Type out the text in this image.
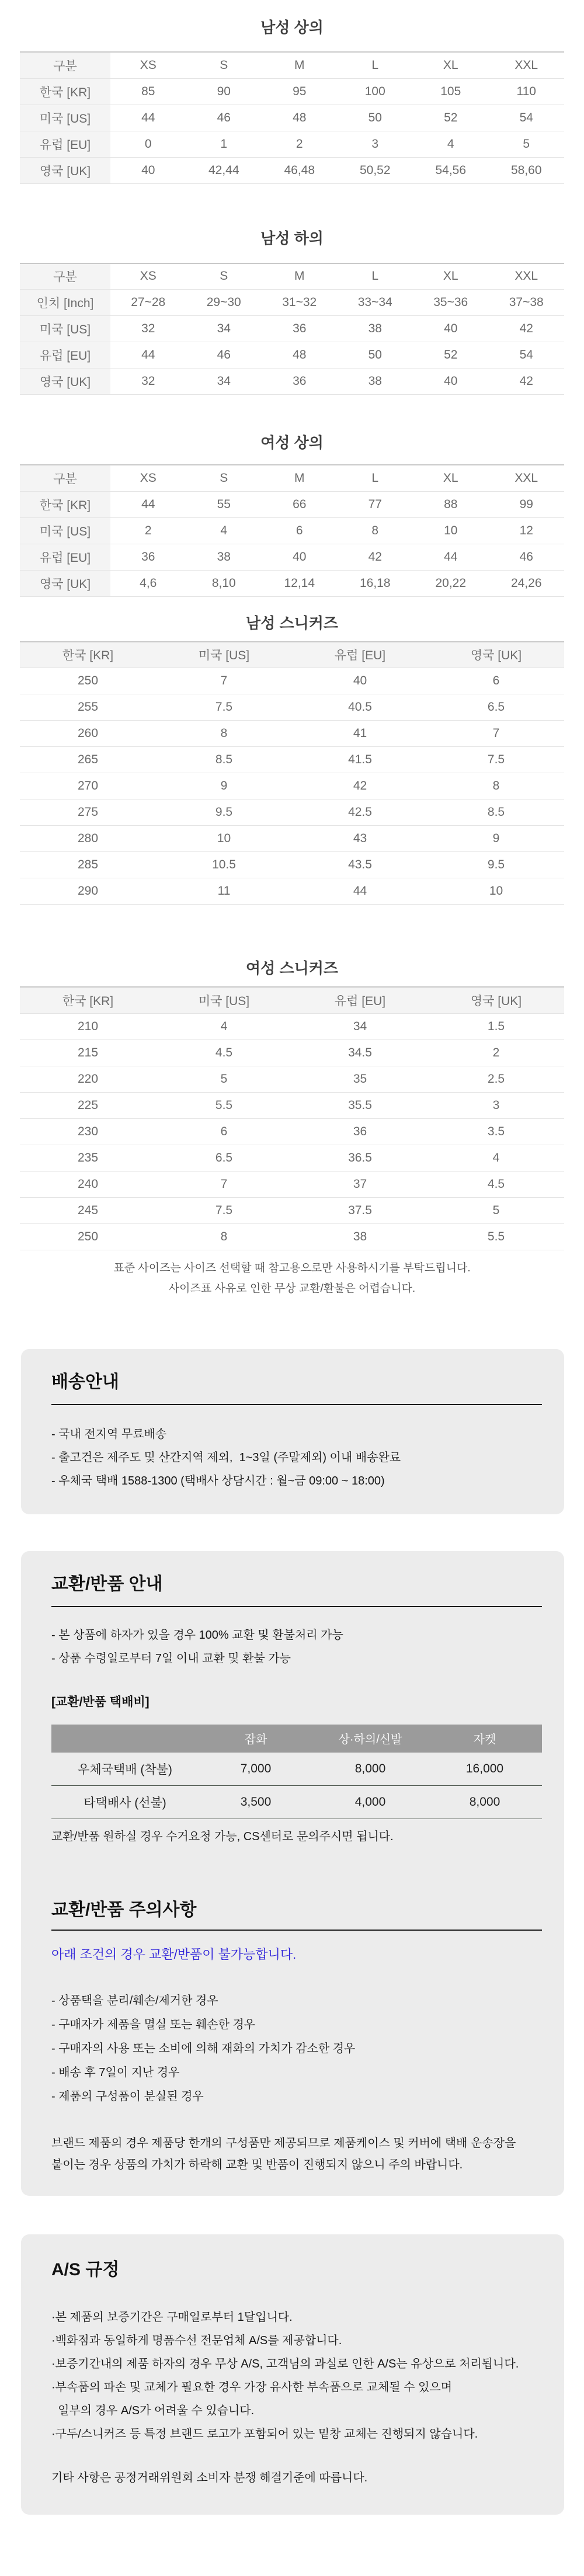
남성 상의
구분	XS	S	M	L	XL	XXL
한국 [KR]	85	90	95	100	105	110
미국 [US]	44	46	48	50	52	54
유럽 [EU]	0	1	2	3	4	5
영국 [UK]	40	42,44	46,48	50,52	54,56	58,60
남성 하의
구분	XS	S	M	L	XL	XXL
인치 [Inch]	27~28	29~30	31~32	33~34	35~36	37~38
미국 [US]	32	34	36	38	40	42
유럽 [EU]	44	46	48	50	52	54
영국 [UK]	32	34	36	38	40	42
여성 상의
구분	XS	S	M	L	XL	XXL
한국 [KR]	44	55	66	77	88	99
미국 [US]	2	4	6	8	10	12
유럽 [EU]	36	38	40	42	44	46
영국 [UK]	4,6	8,10	12,14	16,18	20,22	24,26
남성 스니커즈
한국 [KR]	미국 [US]	유럽 [EU]	영국 [UK]
250	7	40	6
255	7.5	40.5	6.5
260	8	41	7
265	8.5	41.5	7.5
270	9	42	8
275	9.5	42.5	8.5
280	10	43	9
285	10.5	43.5	9.5
290	11	44	10
여성 스니커즈
한국 [KR]	미국 [US]	유럽 [EU]	영국 [UK]
210	4	34	1.5
215	4.5	34.5	2
220	5	35	2.5
225	5.5	35.5	3
230	6	36	3.5
235	6.5	36.5	4
240	7	37	4.5
245	7.5	37.5	5
250	8	38	5.5

표준 사이즈는 사이즈 선택할 때 참고용으로만 사용하시기를 부탁드립니다.

사이즈표 사유로 인한 무상 교환/환불은 어렵습니다.

배송안내

- 국내 전지역 무료배송

- 출고건은 제주도 및 산간지역 제외,  1~3일 (주말제외) 이내 배송완료

- 우체국 택배 1588-1300 (택배사 상담시간 : 월~금 09:00 ~ 18:00)

교환/반품 안내

- 본 상품에 하자가 있을 경우 100% 교환 및 환불처리 가능

- 상품 수령일로부터 7일 이내 교환 및 환불 가능

[교환/반품 택배비]

	잡화	상·하의/신발	자켓
우체국택배 (착불)	7,000	8,000	16,000
타택배사 (선불)	3,500	4,000	8,000

교환/반품 원하실 경우 수거요청 가능, CS센터로 문의주시면 됩니다.

교환/반품 주의사항

아래 조건의 경우 교환/반품이 불가능합니다.

- 상품택을 분리/훼손/제거한 경우

- 구매자가 제품을 멸실 또는 훼손한 경우

- 구매자의 사용 또는 소비에 의해 재화의 가치가 감소한 경우

- 배송 후 7일이 지난 경우

- 제품의 구성품이 분실된 경우

브랜드 제품의 경우 제품당 한개의 구성품만 제공되므로 제품케이스 및 커버에 택배 운송장을

붙이는 경우 상품의 가치가 하락해 교환 및 반품이 진행되지 않으니 주의 바랍니다.

A/S 규정

·본 제품의 보증기간은 구매일로부터 1달입니다.

·백화점과 동일하게 명품수선 전문업체 A/S를 제공합니다.

·보증기간내의 제품 하자의 경우 무상 A/S, 고객님의 과실로 인한 A/S는 유상으로 처리됩니다.

·부속품의 파손 및 교체가 필요한 경우 가장 유사한 부속품으로 교체될 수 있으며

일부의 경우 A/S가 어려울 수 있습니다.

·구두/스니커즈 등 특정 브랜드 로고가 포함되어 있는 밑창 교체는 진행되지 않습니다.

기타 사항은 공정거래위원회 소비자 분쟁 해결기준에 따릅니다.
